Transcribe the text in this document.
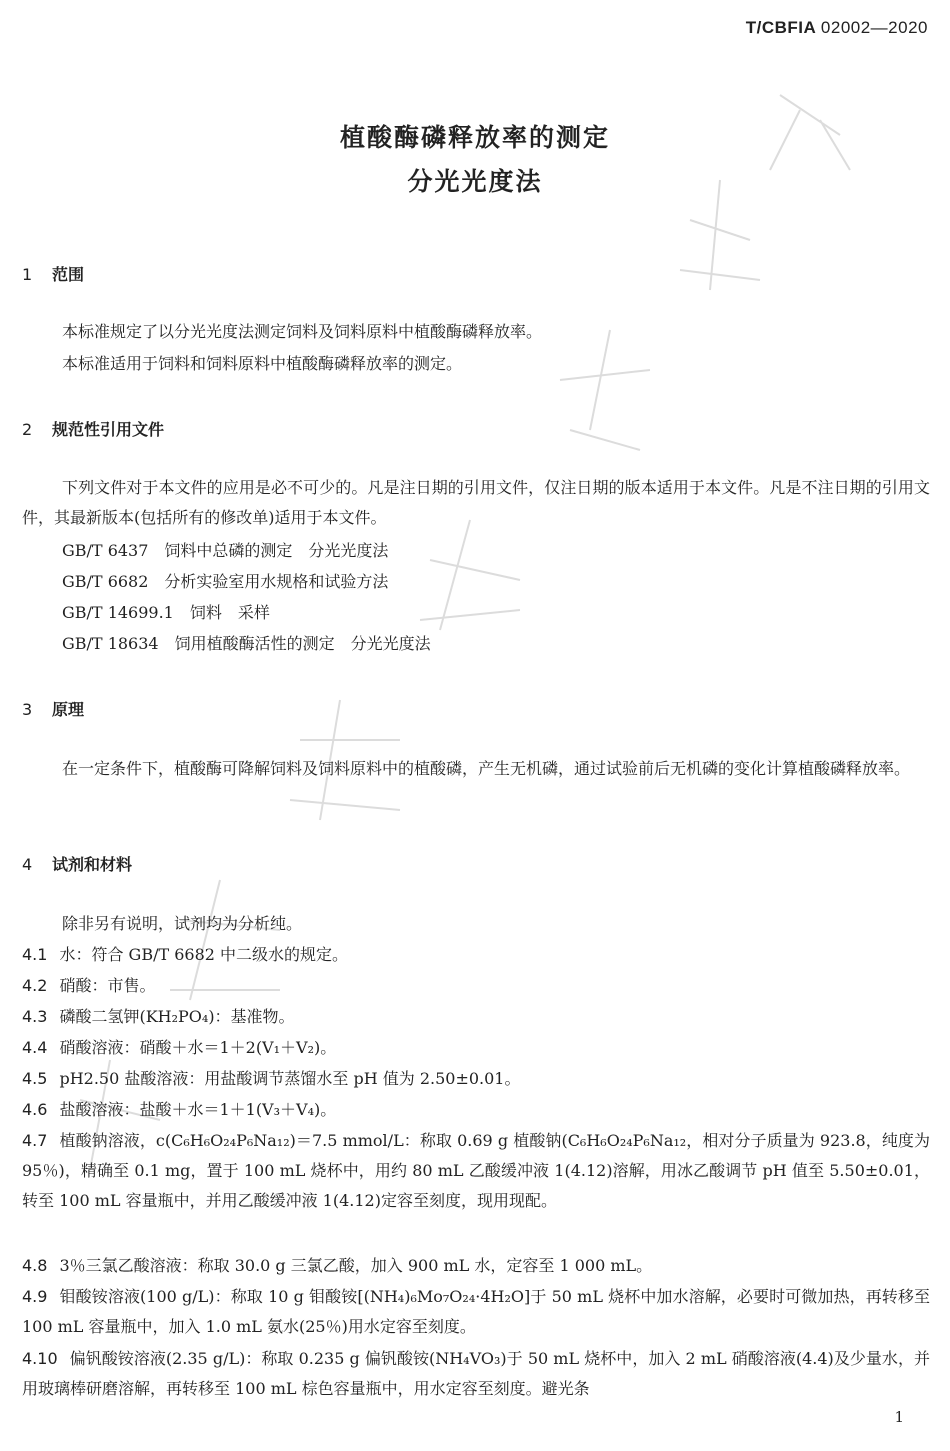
T/CBFIA 02002—2020
植酸酶磷释放率的测定
分光光度法
1 范围
本标准规定了以分光光度法测定饲料及饲料原料中植酸酶磷释放率。
本标准适用于饲料和饲料原料中植酸酶磷释放率的测定。
2 规范性引用文件
下列文件对于本文件的应用是必不可少的。凡是注日期的引用文件，仅注日期的版本适用于本文件。凡是不注日期的引用文件，其最新版本(包括所有的修改单)适用于本文件。
GB/T 6437　饲料中总磷的测定　分光光度法
GB/T 6682　分析实验室用水规格和试验方法
GB/T 14699.1　饲料　采样
GB/T 18634　饲用植酸酶活性的测定　分光光度法
3 原理
在一定条件下，植酸酶可降解饲料及饲料原料中的植酸磷，产生无机磷，通过试验前后无机磷的变化计算植酸磷释放率。
4 试剂和材料
除非另有说明，试剂均为分析纯。
4.1 水：符合 GB/T 6682 中二级水的规定。
4.2 硝酸：市售。
4.3 磷酸二氢钾(KH₂PO₄)：基准物。
4.4 硝酸溶液：硝酸＋水＝1＋2(V₁＋V₂)。
4.5 pH2.50 盐酸溶液：用盐酸调节蒸馏水至 pH 值为 2.50±0.01。
4.6 盐酸溶液：盐酸＋水＝1＋1(V₃＋V₄)。
4.7 植酸钠溶液，c(C₆H₆O₂₄P₆Na₁₂)＝7.5 mmol/L：称取 0.69 g 植酸钠(C₆H₆O₂₄P₆Na₁₂，相对分子质量为 923.8，纯度为 95％)，精确至 0.1 mg，置于 100 mL 烧杯中，用约 80 mL 乙酸缓冲液 1(4.12)溶解，用冰乙酸调节 pH 值至 5.50±0.01，转至 100 mL 容量瓶中，并用乙酸缓冲液 1(4.12)定容至刻度，现用现配。
4.8 3％三氯乙酸溶液：称取 30.0 g 三氯乙酸，加入 900 mL 水，定容至 1 000 mL。
4.9 钼酸铵溶液(100 g/L)：称取 10 g 钼酸铵[(NH₄)₆Mo₇O₂₄·4H₂O]于 50 mL 烧杯中加水溶解，必要时可微加热，再转移至 100 mL 容量瓶中，加入 1.0 mL 氨水(25％)用水定容至刻度。
4.10 偏钒酸铵溶液(2.35 g/L)：称取 0.235 g 偏钒酸铵(NH₄VO₃)于 50 mL 烧杯中，加入 2 mL 硝酸溶液(4.4)及少量水，并用玻璃棒研磨溶解，再转移至 100 mL 棕色容量瓶中，用水定容至刻度。避光条
1
